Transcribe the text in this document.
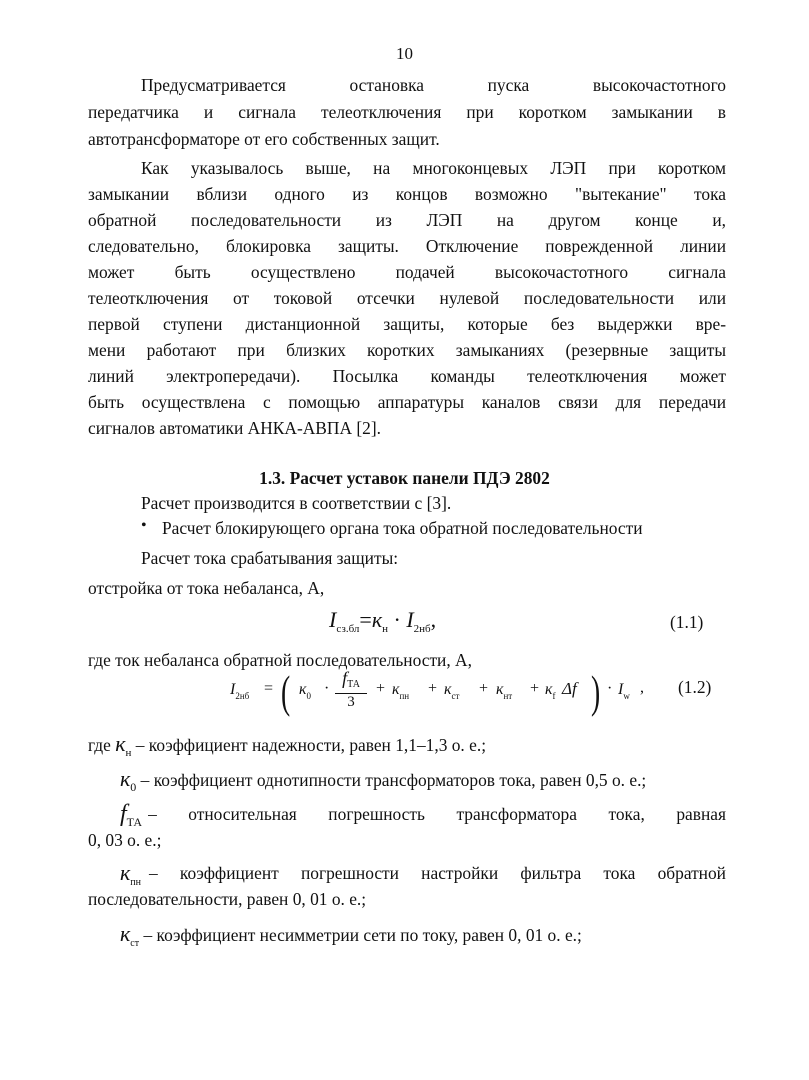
10
Предусматривается остановка пуска высокочастотного
передатчика и сигнала телеотключения при коротком замыкании в
автотрансформаторе от его собственных защит.
Как указывалось выше, на многоконцевых ЛЭП при коротком
замыкании вблизи одного из концов возможно "вытекание" тока
обратной последовательности из ЛЭП на другом конце и,
следовательно, блокировка защиты. Отключение поврежденной линии
может быть осуществлено подачей высокочастотного сигнала
телеотключения от токовой отсечки нулевой последовательности или
первой ступени дистанционной защиты, которые без выдержки вре-
мени работают при близких коротких замыканиях (резервные защиты
линий электропередачи). Посылка команды телеотключения может
быть осуществлена с помощью аппаратуры каналов связи для передачи
сигналов автоматики АНКА-АВПА [2].
1.3. Расчет уставок панели ПДЭ 2802
Расчет производится в соответствии с [3].
• Расчет блокирующего органа тока обратной последовательности
Расчет тока срабатывания защиты:
отстройка от тока небаланса, А,
$I_{сз.бл}=к_н \cdot I_{2нб}$,	(1.1)
где ток небаланса обратной последовательности, А,
$I_{2нб}$ = ( $к_0$ ·
fТА
3
+ $к_{пн} + к_{ст} + к_{нт} + к_f$ Δf ) · $I_w$ , (1.2)
где $к_н$ – коэффициент надежности, равен 1,1–1,3 о. е.;
$к_0$ – коэффициент однотипности трансформаторов тока, равен 0,5 о. е.;
$f_{ТА}$ – относительная погрешность трансформатора тока, равная
0, 03 о. е.;
$к_{пн}$ – коэффициент погрешности настройки фильтра тока обратной
последовательности, равен 0, 01 о. е.;
$к_{ст}$ – коэффициент несимметрии сети по току, равен 0, 01 о. е.;
